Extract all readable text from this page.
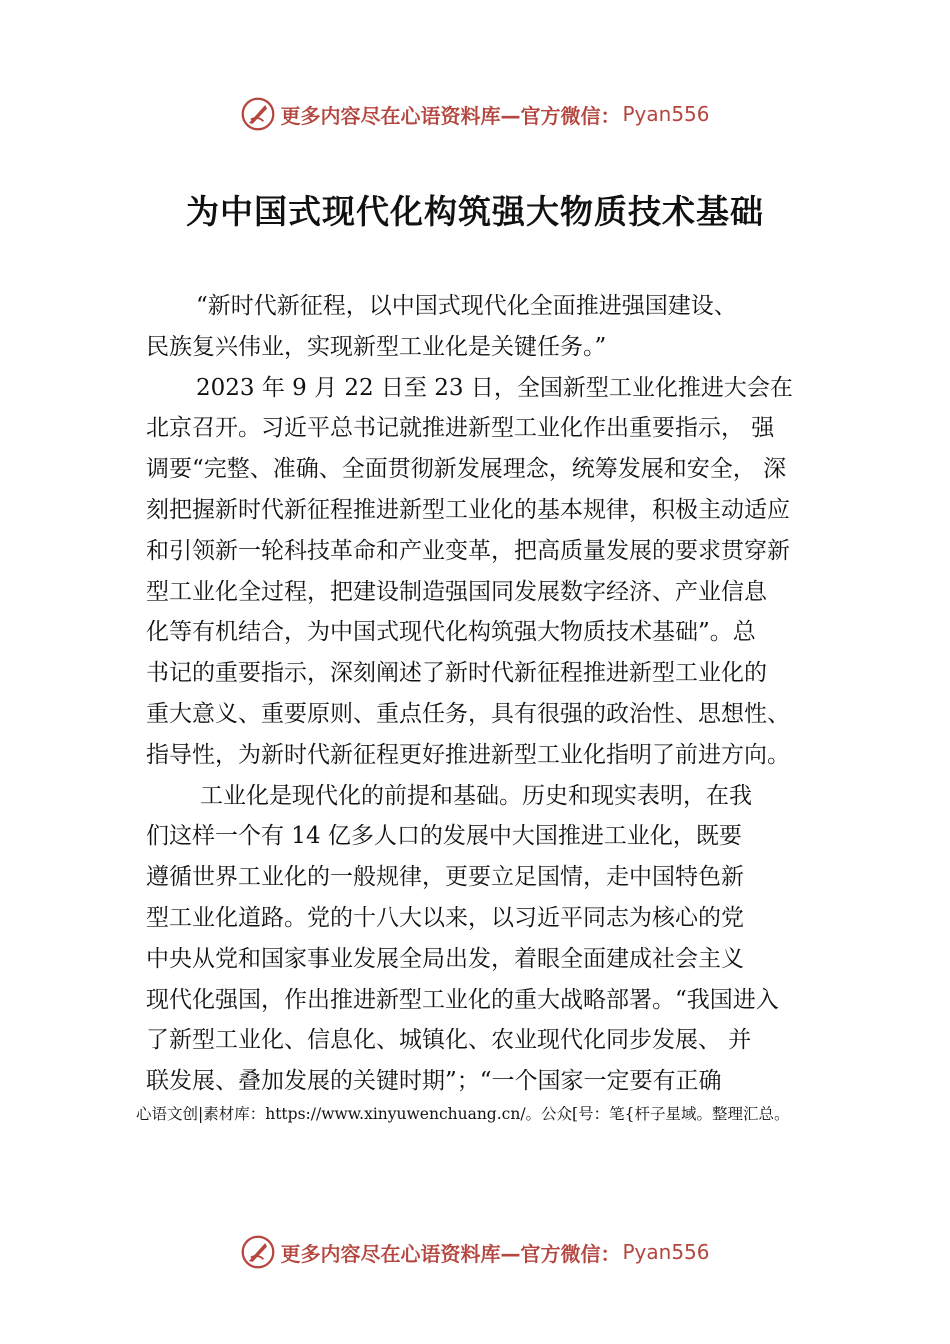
更多内容尽在心语资料库—官方微信： Pyan556
为中国式现代化构筑强大物质技术基础
“新时代新征程，以中国式现代化全面推进强国建设、
民族复兴伟业，实现新型工业化是关键任务。”
2023 年 9 月 22 日至 23 日，全国新型工业化推进大会在
北京召开。习近平总书记就推进新型工业化作出重要指示， 强
调要“完整、准确、全面贯彻新发展理念，统筹发展和安全， 深
刻把握新时代新征程推进新型工业化的基本规律，积极主动适应
和引领新一轮科技革命和产业变革，把高质量发展的要求贯穿新
型工业化全过程，把建设制造强国同发展数字经济、产业信息
化等有机结合，为中国式现代化构筑强大物质技术基础”。总
书记的重要指示，深刻阐述了新时代新征程推进新型工业化的
重大意义、重要原则、重点任务，具有很强的政治性、思想性、
指导性，为新时代新征程更好推进新型工业化指明了前进方向。
工业化是现代化的前提和基础。历史和现实表明，在我
们这样一个有 14 亿多人口的发展中大国推进工业化，既要
遵循世界工业化的一般规律，更要立足国情，走中国特色新
型工业化道路。党的十八大以来，以习近平同志为核心的党
中央从党和国家事业发展全局出发，着眼全面建成社会主义
现代化强国，作出推进新型工业化的重大战略部署。“我国进入
了新型工业化、信息化、城镇化、农业现代化同步发展、 并
联发展、叠加发展的关键时期”；“一个国家一定要有正确
心语文创|素材库：https://www.xinyuwenchuang.cn/。公众[号：笔{杆子星域。整理汇总。
更多内容尽在心语资料库—官方微信： Pyan556
